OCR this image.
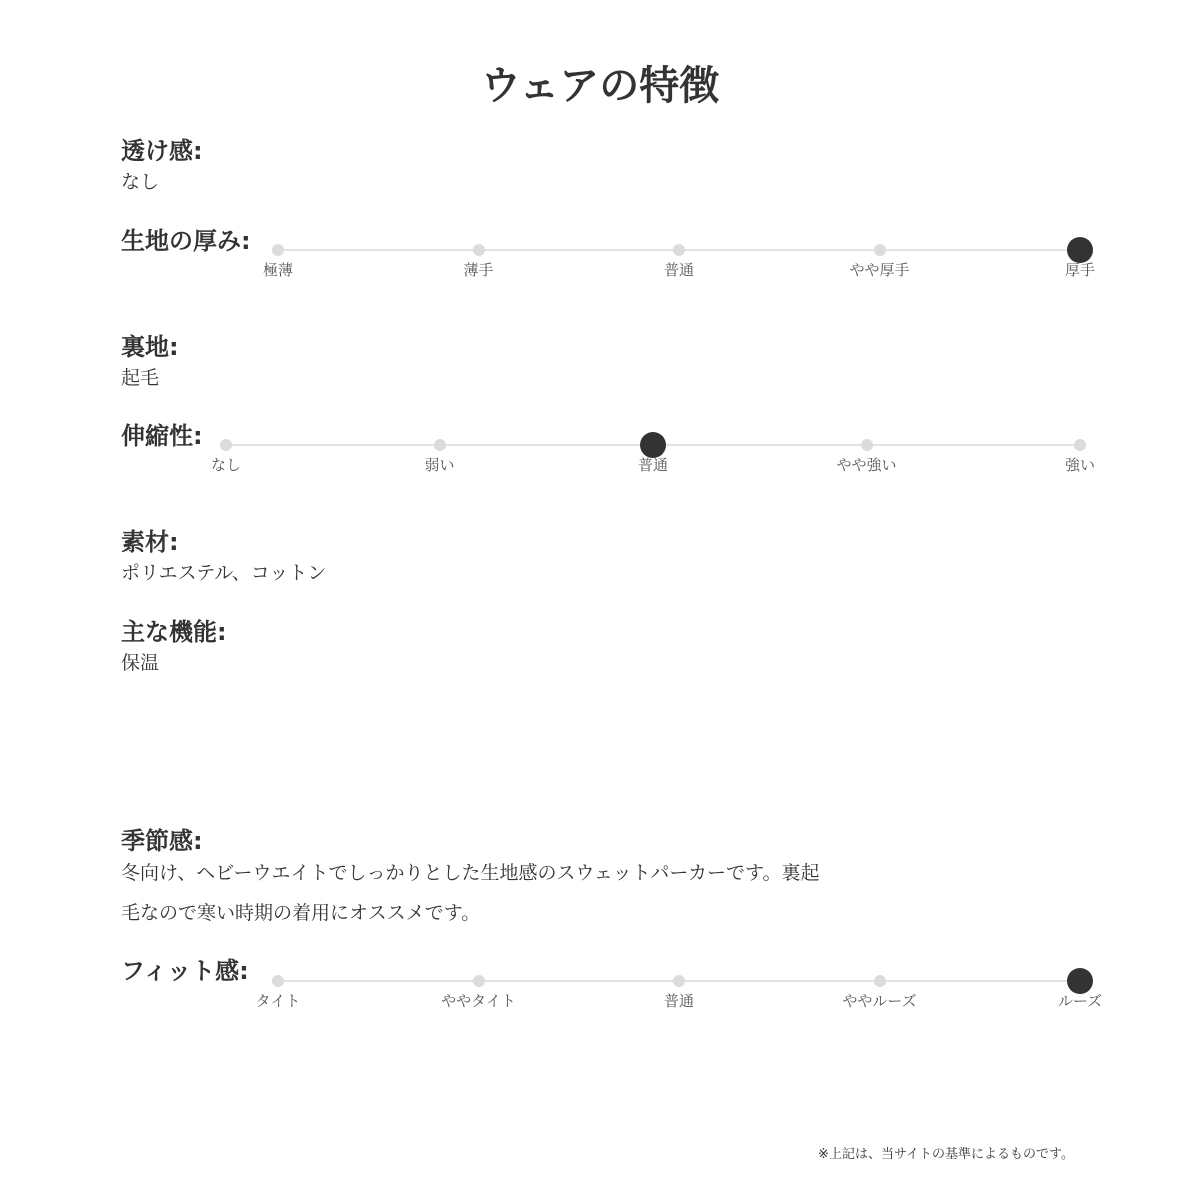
ウェアの特徴
透け感:
なし
生地の厚み:
極薄	薄手	普通	やや厚手	厚手
裏地:
起毛
伸縮性:
なし	弱い	普通	やや強い	強い
素材:
ポリエステル、コットン
主な機能:
保温
季節感:
冬向け、ヘビーウエイトでしっかりとした生地感のスウェットパーカーです。裏起
毛なので寒い時期の着用にオススメです。
フィット感:
タイト	ややタイト	普通	ややルーズ	ルーズ
※上記は、当サイトの基準によるものです。
